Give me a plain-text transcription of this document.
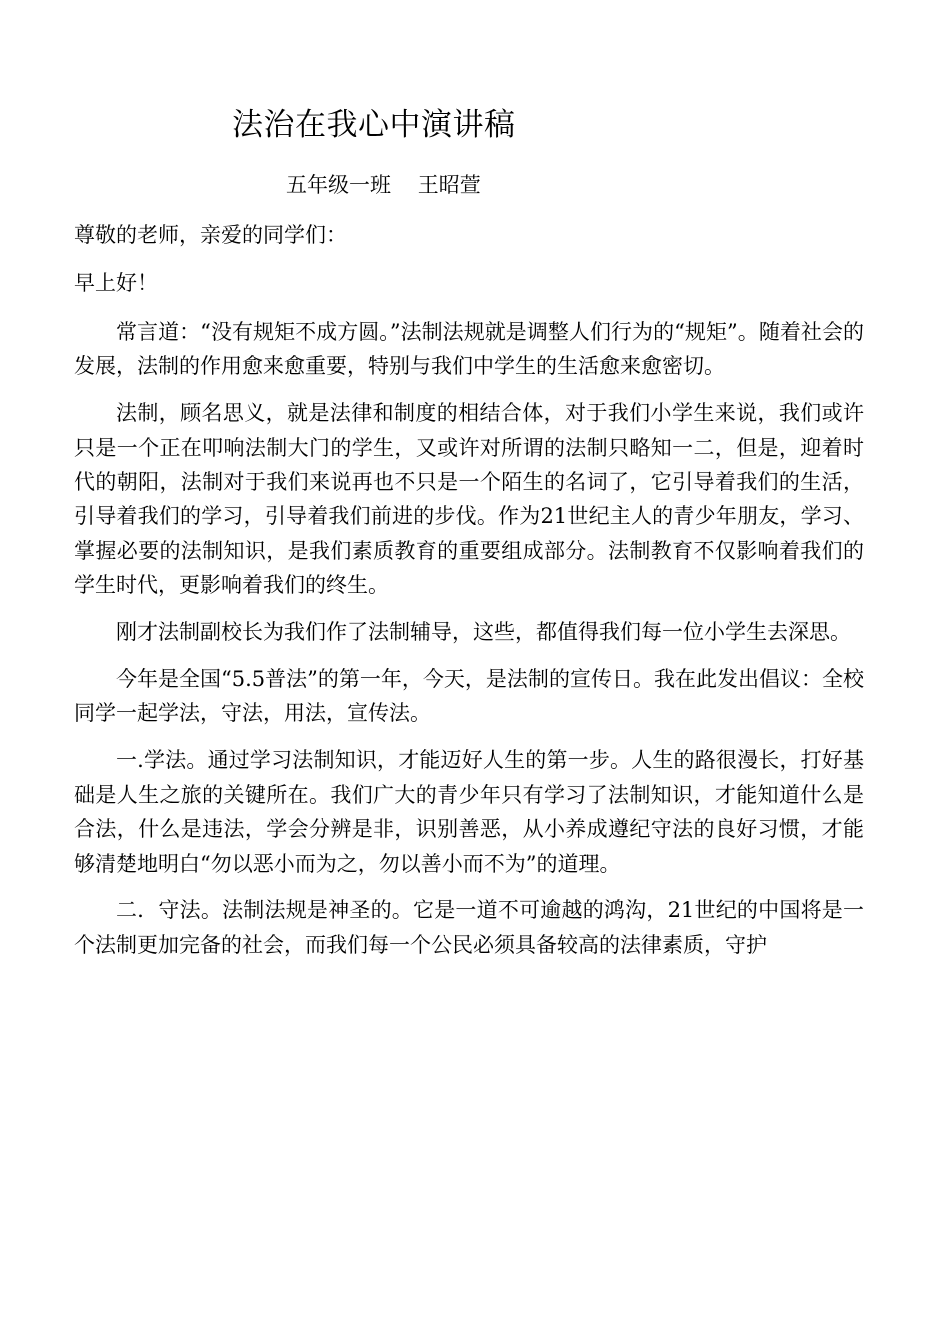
法治在我心中演讲稿
五年级一班    王昭萱

尊敬的老师，亲爱的同学们：

早上好！

常言道：“没有规矩不成方圆。”法制法规就是调整人们行为的“规矩”。随着社会的发展，法制的作用愈来愈重要，特别与我们中学生的生活愈来愈密切。

法制，顾名思义，就是法律和制度的相结合体，对于我们小学生来说，我们或许只是一个正在叩响法制大门的学生，又或许对所谓的法制只略知一二，但是，迎着时代的朝阳，法制对于我们来说再也不只是一个陌生的名词了，它引导着我们的生活，引导着我们的学习，引导着我们前进的步伐。作为21世纪主人的青少年朋友，学习、掌握必要的法制知识，是我们素质教育的重要组成部分。法制教育不仅影响着我们的学生时代，更影响着我们的终生。

刚才法制副校长为我们作了法制辅导，这些，都值得我们每一位小学生去深思。

今年是全国“5.5普法”的第一年，今天，是法制的宣传日。我在此发出倡议：全校同学一起学法，守法，用法，宣传法。

一.学法。通过学习法制知识，才能迈好人生的第一步。人生的路很漫长，打好基础是人生之旅的关键所在。我们广大的青少年只有学习了法制知识，才能知道什么是合法，什么是违法，学会分辨是非，识别善恶，从小养成遵纪守法的良好习惯，才能够清楚地明白“勿以恶小而为之，勿以善小而不为”的道理。

二．守法。法制法规是神圣的。它是一道不可逾越的鸿沟，21世纪的中国将是一个法制更加完备的社会，而我们每一个公民必须具备较高的法律素质，守护
